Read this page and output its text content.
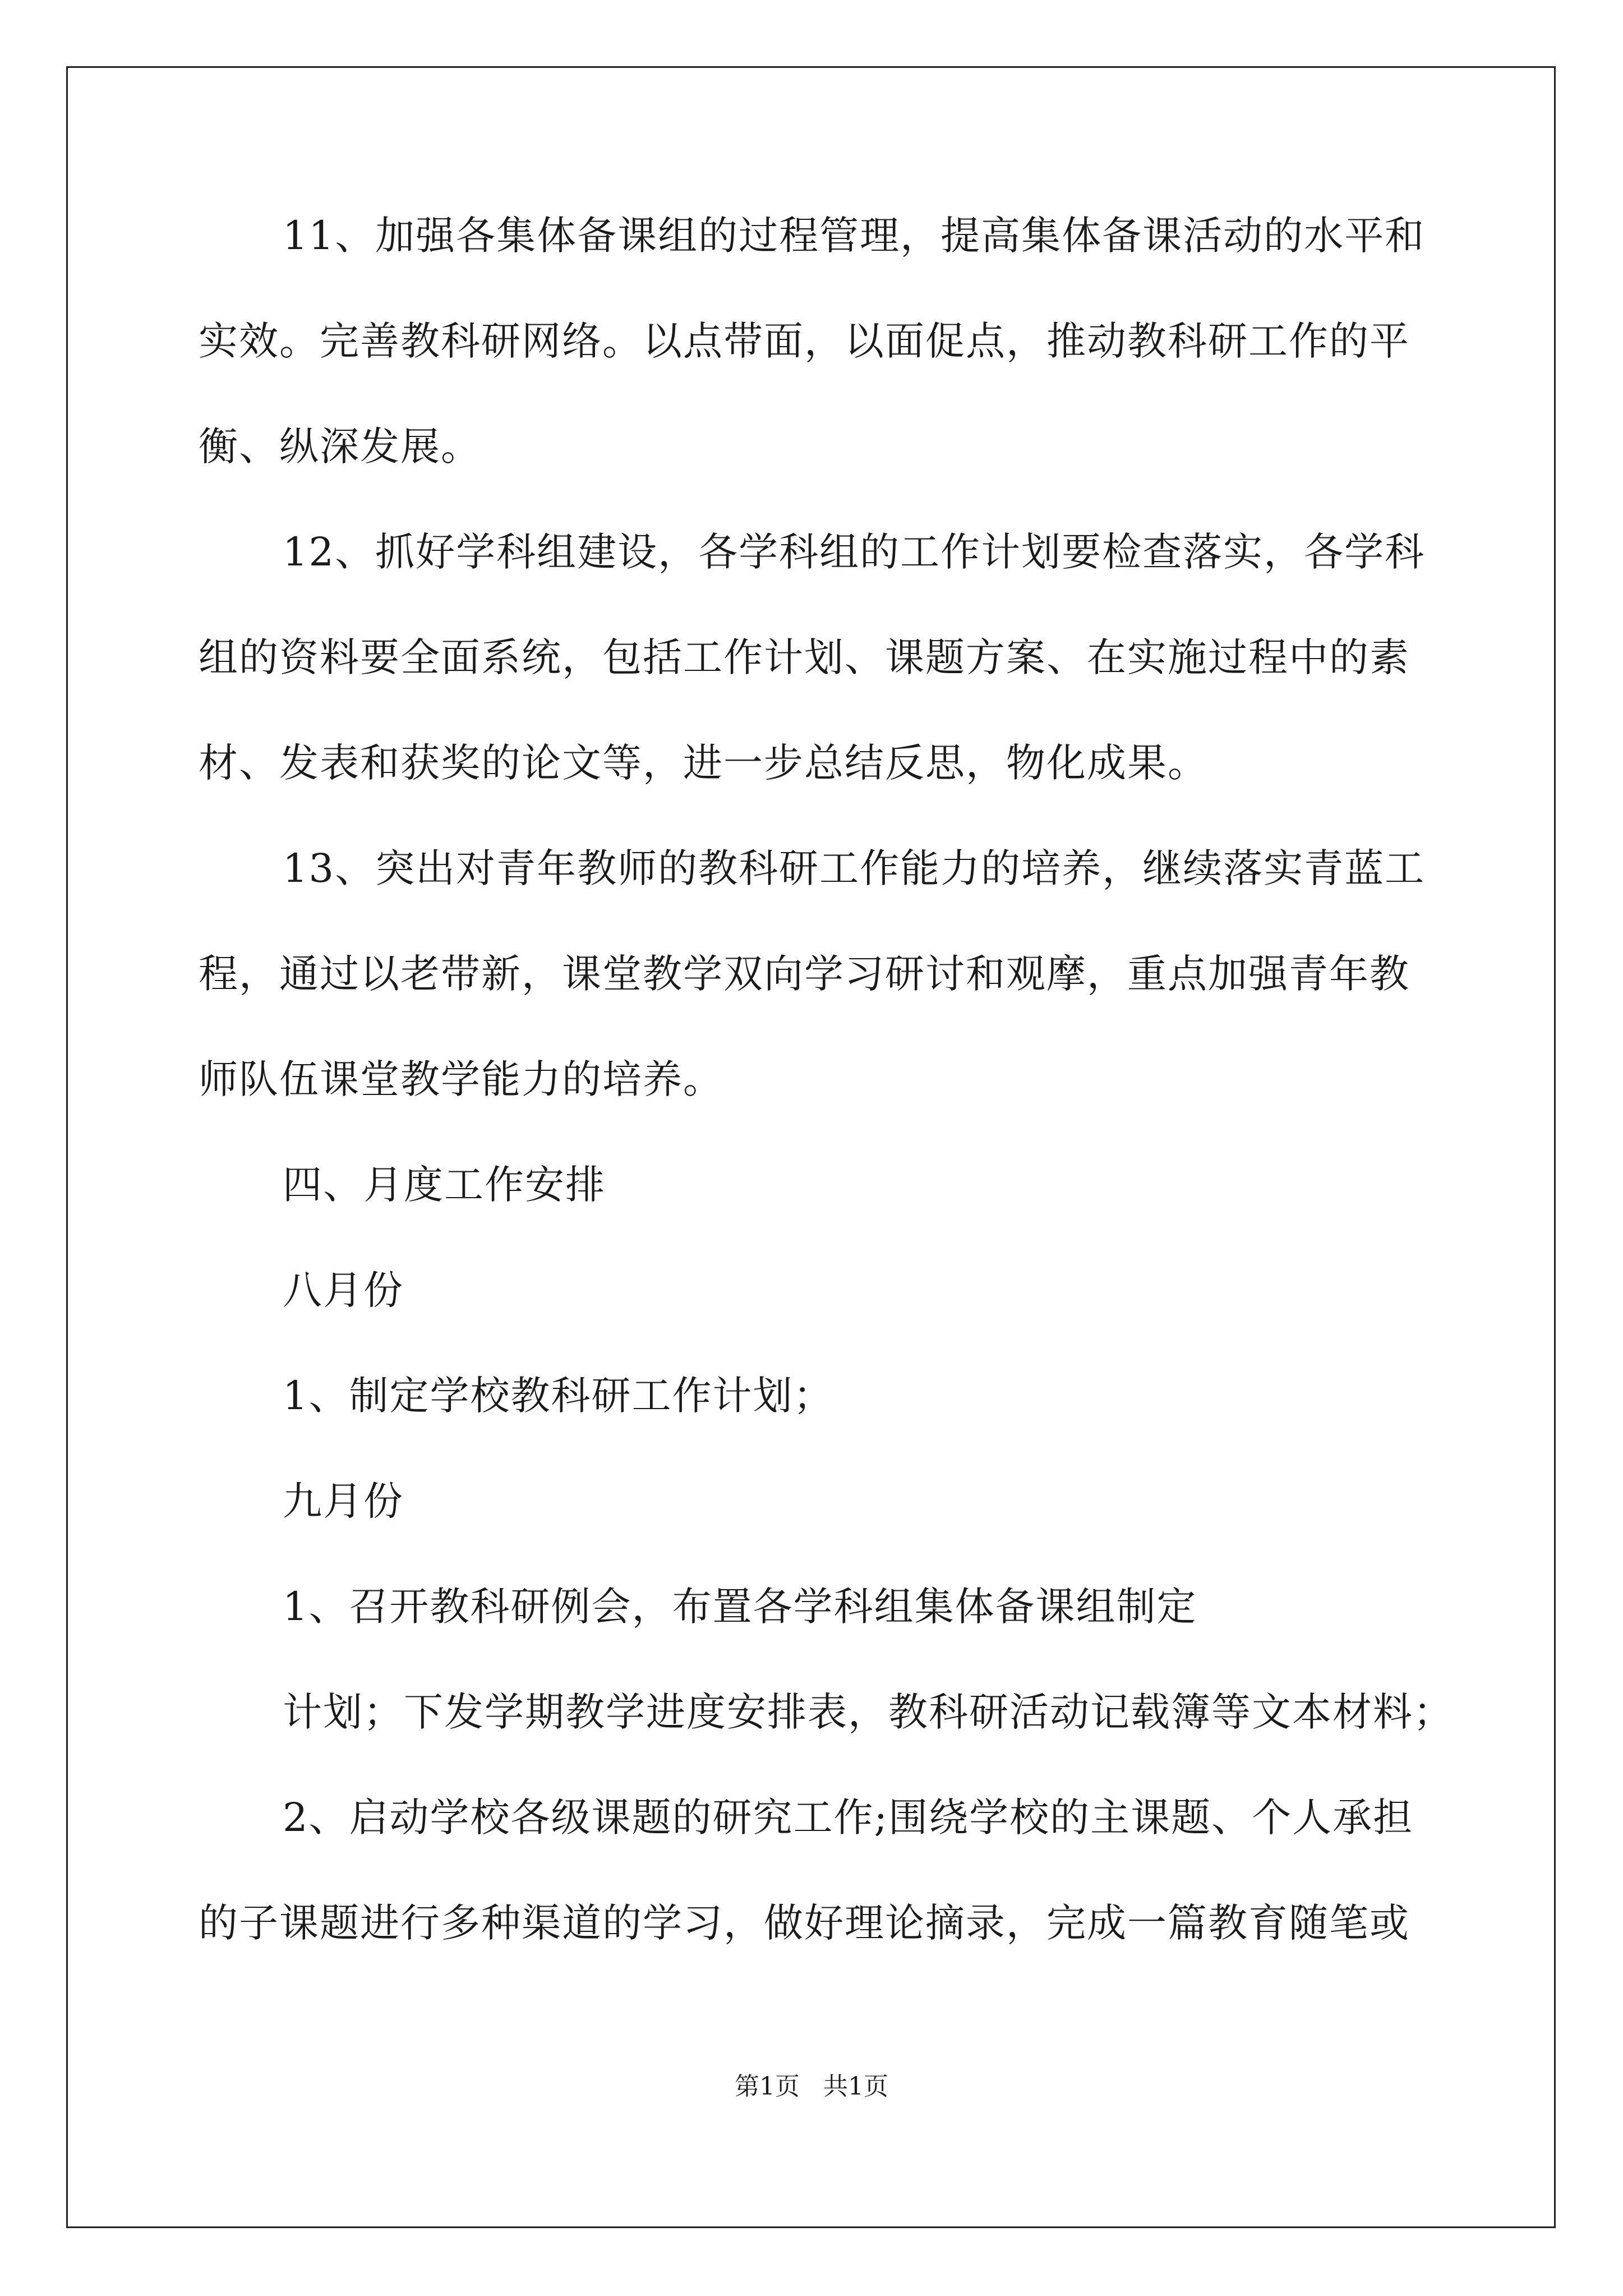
11、加强各集体备课组的过程管理，提高集体备课活动的水平和
实效。完善教科研网络。以点带面，以面促点，推动教科研工作的平
衡、纵深发展。
12、抓好学科组建设，各学科组的工作计划要检查落实，各学科
组的资料要全面系统，包括工作计划、课题方案、在实施过程中的素
材、发表和获奖的论文等，进一步总结反思，物化成果。
13、突出对青年教师的教科研工作能力的培养，继续落实青蓝工
程，通过以老带新，课堂教学双向学习研讨和观摩，重点加强青年教
师队伍课堂教学能力的培养。
四、月度工作安排
八月份
1、制定学校教科研工作计划；
九月份
1、召开教科研例会，布置各学科组集体备课组制定
计划；下发学期教学进度安排表，教科研活动记载簿等文本材料；
2、启动学校各级课题的研究工作;围绕学校的主课题、个人承担
的子课题进行多种渠道的学习，做好理论摘录，完成一篇教育随笔或
第1页   共1页
